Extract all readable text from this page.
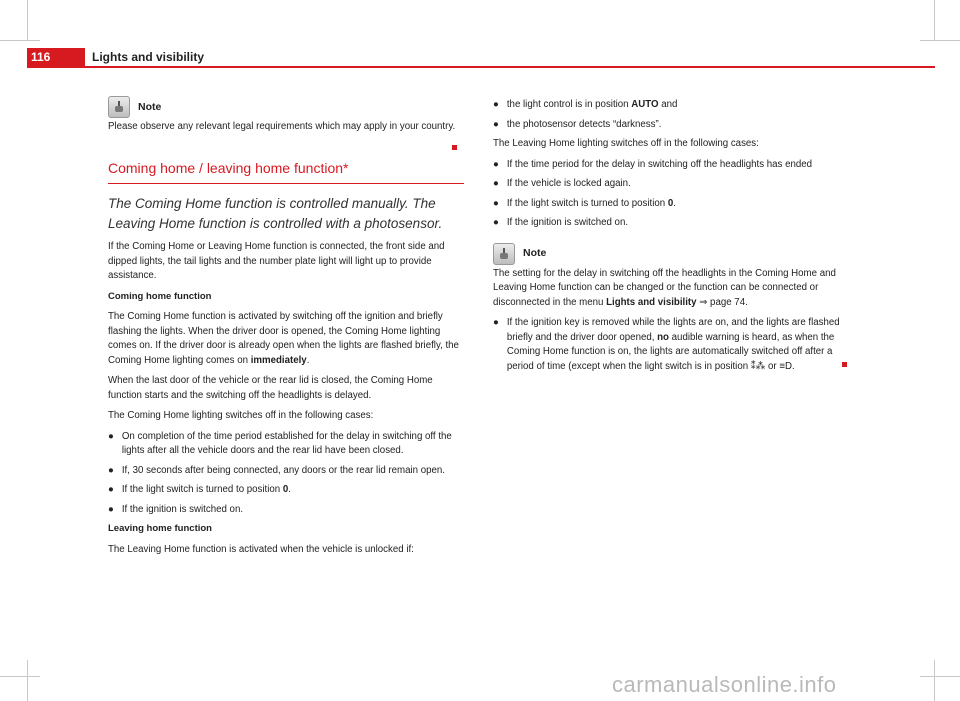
116	Lights and visibility
Note

Please observe any relevant legal requirements which may apply in your country.

Coming home / leaving home function*

The Coming Home function is controlled manually. The Leaving Home function is controlled with a photosensor.

If the Coming Home or Leaving Home function is connected, the front side and dipped lights, the tail lights and the number plate light will light up to provide assistance.

Coming home function

The Coming Home function is activated by switching off the ignition and briefly flashing the lights. When the driver door is opened, the Coming Home lighting comes on. If the driver door is already open when the lights are flashed briefly, the Coming Home lighting comes on immediately.

When the last door of the vehicle or the rear lid is closed, the Coming Home function starts and the switching off the headlights is delayed.

The Coming Home lighting switches off in the following cases:

● On completion of the time period established for the delay in switching off the lights after all the vehicle doors and the rear lid have been closed.
● If, 30 seconds after being connected, any doors or the rear lid remain open.
● If the light switch is turned to position 0.
● If the ignition is switched on.

Leaving home function

The Leaving Home function is activated when the vehicle is unlocked if:

● the light control is in position AUTO and
● the photosensor detects “darkness”.

The Leaving Home lighting switches off in the following cases:

● If the time period for the delay in switching off the headlights has ended
● If the vehicle is locked again.
● If the light switch is turned to position 0.
● If the ignition is switched on.
Note

The setting for the delay in switching off the headlights in the Coming Home and Leaving Home function can be changed or the function can be connected or disconnected in the menu Lights and visibility ⇒ page 74.

● If the ignition key is removed while the lights are on, and the lights are flashed briefly and the driver door opened, no audible warning is heard, as when the Coming Home function is on, the lights are automatically switched off after a period of time (except when the light switch is in position ⁑⁂ or ≡D.
carmanualsonline.info
